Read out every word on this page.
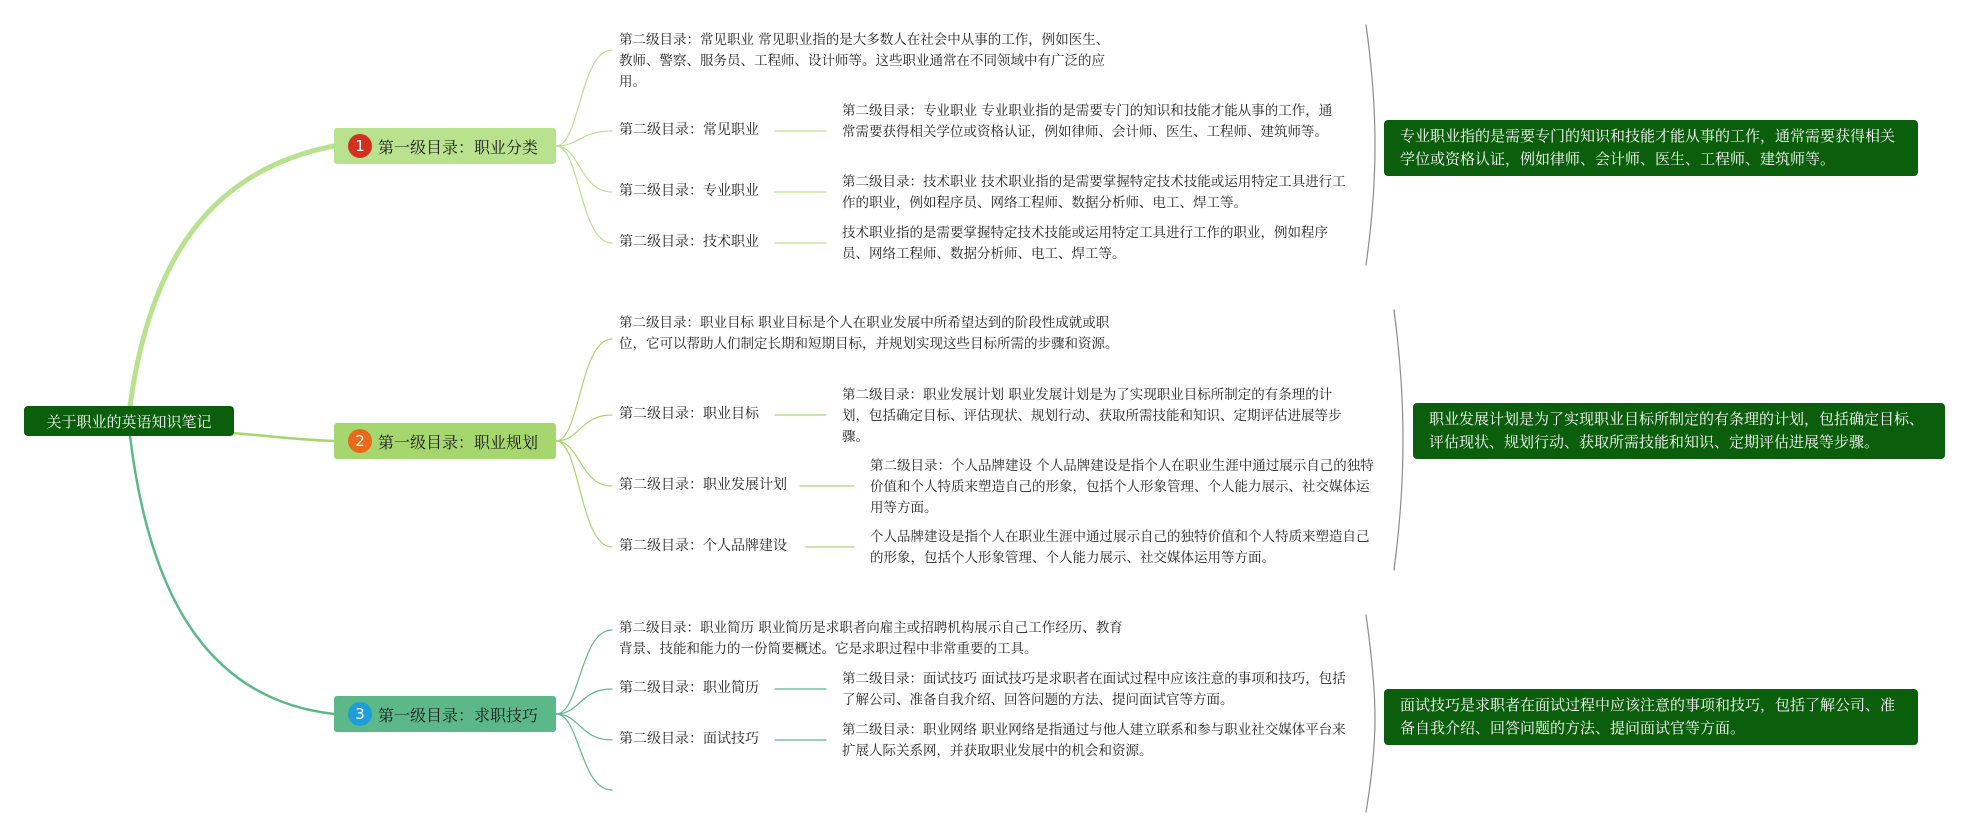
关于职业的英语知识笔记
1 第一级目录：职业分类
第二级目录：常见职业 常见职业指的是大多数人在社会中从事的工作，例如医生、教师、警察、服务员、工程师、设计师等。这些职业通常在不同领域中有广泛的应用。
第二级目录：常见职业
第二级目录：专业职业 专业职业指的是需要专门的知识和技能才能从事的工作，通常需要获得相关学位或资格认证，例如律师、会计师、医生、工程师、建筑师等。
第二级目录：专业职业
第二级目录：技术职业 技术职业指的是需要掌握特定技术技能或运用特定工具进行工作的职业，例如程序员、网络工程师、数据分析师、电工、焊工等。
第二级目录：技术职业
技术职业指的是需要掌握特定技术技能或运用特定工具进行工作的职业，例如程序员、网络工程师、数据分析师、电工、焊工等。
专业职业指的是需要专门的知识和技能才能从事的工作，通常需要获得相关学位或资格认证，例如律师、会计师、医生、工程师、建筑师等。
2 第一级目录：职业规划
第二级目录：职业目标 职业目标是个人在职业发展中所希望达到的阶段性成就或职位，它可以帮助人们制定长期和短期目标，并规划实现这些目标所需的步骤和资源。
第二级目录：职业目标
第二级目录：职业发展计划 职业发展计划是为了实现职业目标所制定的有条理的计划，包括确定目标、评估现状、规划行动、获取所需技能和知识、定期评估进展等步骤。
第二级目录：职业发展计划
第二级目录：个人品牌建设 个人品牌建设是指个人在职业生涯中通过展示自己的独特价值和个人特质来塑造自己的形象，包括个人形象管理、个人能力展示、社交媒体运用等方面。
第二级目录：个人品牌建设
个人品牌建设是指个人在职业生涯中通过展示自己的独特价值和个人特质来塑造自己的形象，包括个人形象管理、个人能力展示、社交媒体运用等方面。
职业发展计划是为了实现职业目标所制定的有条理的计划，包括确定目标、评估现状、规划行动、获取所需技能和知识、定期评估进展等步骤。
3 第一级目录：求职技巧
第二级目录：职业简历 职业简历是求职者向雇主或招聘机构展示自己工作经历、教育背景、技能和能力的一份简要概述。它是求职过程中非常重要的工具。
第二级目录：职业简历
第二级目录：面试技巧 面试技巧是求职者在面试过程中应该注意的事项和技巧，包括了解公司、准备自我介绍、回答问题的方法、提问面试官等方面。
第二级目录：面试技巧
第二级目录：职业网络 职业网络是指通过与他人建立联系和参与职业社交媒体平台来扩展人际关系网，并获取职业发展中的机会和资源。
面试技巧是求职者在面试过程中应该注意的事项和技巧，包括了解公司、准备自我介绍、回答问题的方法、提问面试官等方面。
